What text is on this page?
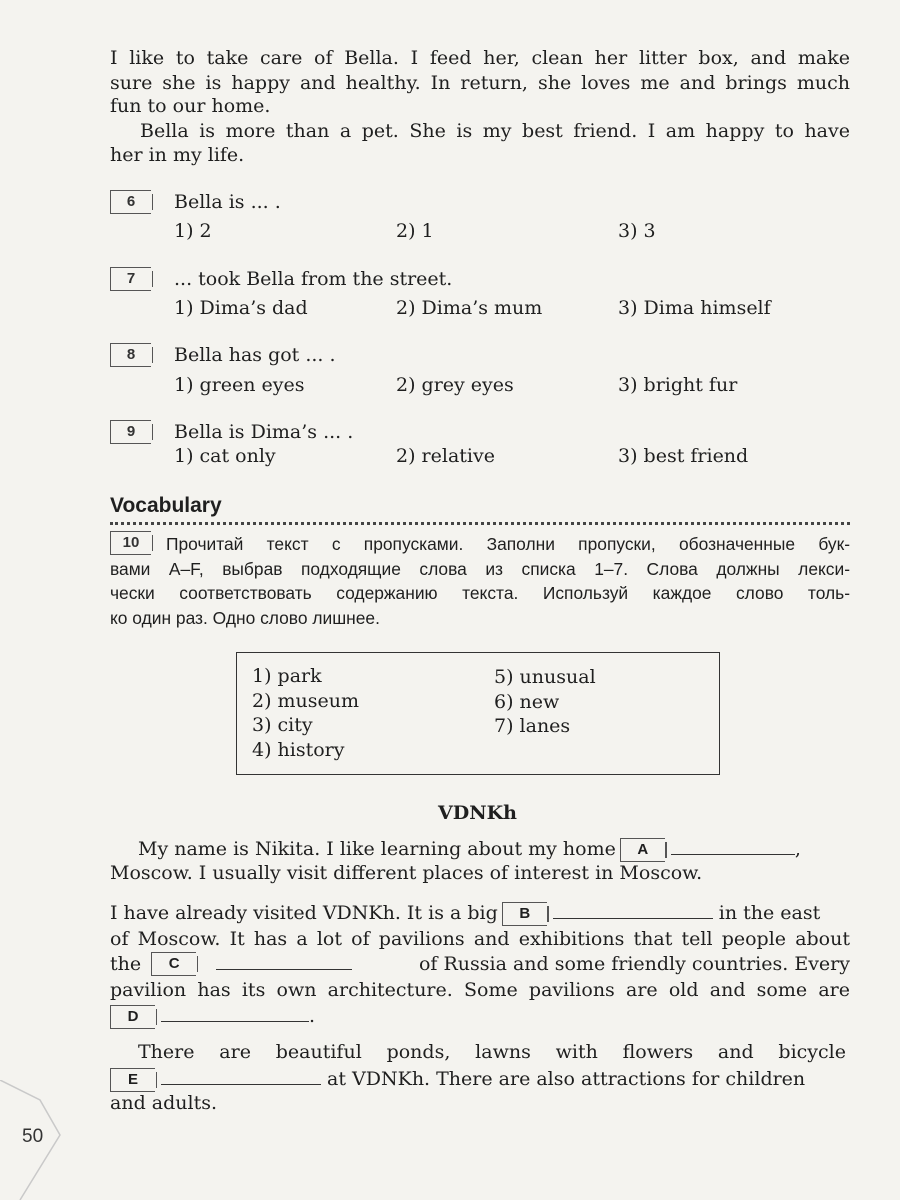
I like to take care of Bella. I feed her, clean her litter box, and make
sure she is happy and healthy. In return, she loves me and brings much
fun to our home.
Bella is more than a pet. She is my best friend. I am happy to have
her in my life.
6	Bella is ... .
1) 2	2) 1	3) 3
7	... took Bella from the street.
1) Dima’s dad	2) Dima’s mum	3) Dima himself
8	Bella has got ... .
1) green eyes	2) grey eyes	3) bright fur
9	Bella is Dima’s ... .
1) cat only	2) relative	3) best friend
Vocabulary
10	Прочитай текст с пропусками. Заполни пропуски, обозначенные бук-
вами A–F, выбрав подходящие слова из списка 1–7. Слова должны лекси-
чески соответствовать содержанию текста. Используй каждое слово толь-
ко один раз. Одно слово лишнее.
1) park
2) museum
3) city
4) history
5) unusual
6) new
7) lanes
VDNKh
My name is Nikita. I like learning about my home A	,
Moscow. I usually visit different places of interest in Moscow.
I have already visited VDNKh. It is a big B	in the east
of Moscow. It has a lot of pavilions and exhibitions that tell people about
the	C	of Russia and some friendly countries. Every
pavilion has its own architecture. Some pavilions are old and some are
D	.
There are beautiful ponds, lawns with flowers and bicycle
E	at VDNKh. There are also attractions for children
and adults.
50
